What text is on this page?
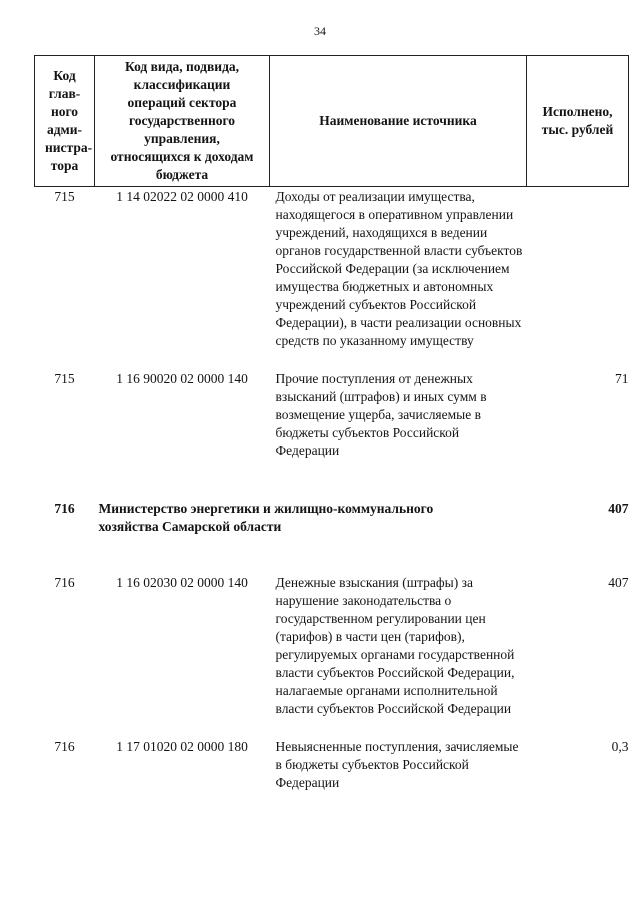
34
Код глав-ного адми-нистра-тора	Код вида, подвида, классификации операций сектора государственного управления, относящихся к доходам бюджета	Наименование источника	Исполнено, тыс. рублей
715	1 14 02022 02 0000 410	Доходы от реализации имущества, находящегося в оперативном управлении учреждений, находящихся в ведении органов государственной власти субъектов Российской Федерации (за исключением имущества бюджетных и автономных учреждений субъектов Российской Федерации), в части реализации основных средств по указанному имуществу	
715	1 16 90020 02 0000 140	Прочие поступления от денежных взысканий (штрафов) и иных сумм в возмещение ущерба, зачисляемые в бюджеты субъектов Российской Федерации	71
716	Министерство энергетики и жилищно-коммунального хозяйства Самарской области		407
716	1 16 02030 02 0000 140	Денежные взыскания (штрафы) за нарушение законодательства о государственном регулировании цен (тарифов) в части цен (тарифов), регулируемых органами государственной власти субъектов Российской Федерации, налагаемые органами исполнительной власти субъектов Российской Федерации	407
716	1 17 01020 02 0000 180	Невыясненные поступления, зачисляемые в бюджеты субъектов Российской Федерации	0,3
